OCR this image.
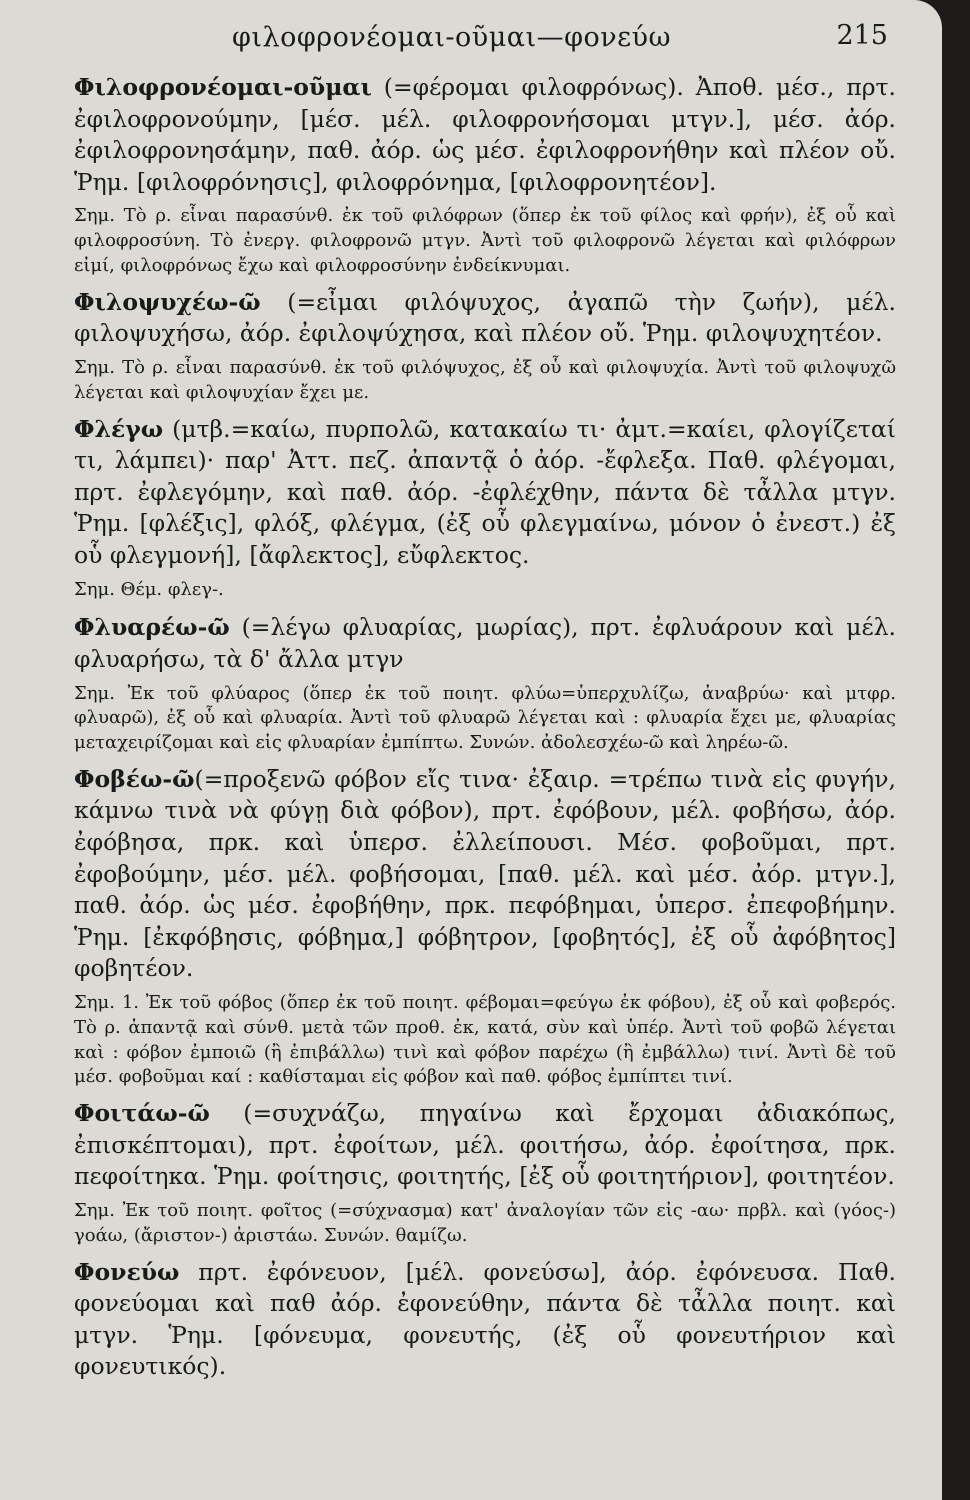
φιλοφρονέομαι-οῦμαι—φονεύω	215

Φιλοφρονέομαι-οῦμαι (=φέρομαι φιλοφρόνως). Ἀποθ. μέσ., πρτ. ἐφιλοφρονούμην, [μέσ. μέλ. φιλοφρονήσομαι μτγν.], μέσ. ἀόρ. ἐφιλοφρονησάμην, παθ. ἀόρ. ὡς μέσ. ἐφιλοφρονήθην καὶ πλέον οὔ. Ῥημ. [φιλοφρόνησις], φιλοφρόνημα, [φιλοφρονητέον].

Σημ. Τὸ ρ. εἶναι παρασύνθ. ἐκ τοῦ φιλόφρων (ὅπερ ἐκ τοῦ φίλος καὶ φρήν), ἐξ οὗ καὶ φιλοφροσύνη. Τὸ ἐνεργ. φιλοφρονῶ μτγν. Ἀντὶ τοῦ φιλοφρονῶ λέγεται καὶ φιλόφρων εἰμί, φιλοφρόνως ἔχω καὶ φιλοφροσύνην ἐνδείκνυμαι.

Φιλοψυχέω-ῶ (=εἶμαι φιλόψυχος, ἀγαπῶ τὴν ζωήν), μέλ. φιλοψυχήσω, ἀόρ. ἐφιλοψύχησα, καὶ πλέον οὔ. Ῥημ. φιλοψυχητέον.

Σημ. Τὸ ρ. εἶναι παρασύνθ. ἐκ τοῦ φιλόψυχος, ἐξ οὗ καὶ φιλοψυχία. Ἀντὶ τοῦ φιλοψυχῶ λέγεται καὶ φιλοψυχίαν ἔχει με.

Φλέγω (μτβ.=καίω, πυρπολῶ, κατακαίω τι· ἀμτ.=καίει, φλογίζεταί τι, λάμπει)· παρ' Ἀττ. πεζ. ἀπαντᾷ ὁ ἀόρ. -ἔφλεξα. Παθ. φλέγομαι, πρτ. ἐφλεγόμην, καὶ παθ. ἀόρ. -ἐφλέχθην, πάντα δὲ τἆλλα μτγν. Ῥημ. [φλέξις], φλόξ, φλέγμα, (ἐξ οὗ φλεγμαίνω, μόνον ὁ ἐνεστ.) ἐξ οὗ φλεγμονή], [ἄφλεκτος], εὔφλεκτος.

Σημ. Θέμ. φλεγ-.

Φλυαρέω-ῶ (=λέγω φλυαρίας, μωρίας), πρτ. ἐφλυάρουν καὶ μέλ. φλυαρήσω, τὰ δ' ἄλλα μτγν

Σημ. Ἐκ τοῦ φλύαρος (ὅπερ ἐκ τοῦ ποιητ. φλύω=ὑπερχυλίζω, ἀναβρύω· καὶ μτφρ. φλυαρῶ), ἐξ οὗ καὶ φλυαρία. Ἀντὶ τοῦ φλυαρῶ λέγεται καὶ : φλυαρία ἔχει με, φλυαρίας μεταχειρίζομαι καὶ εἰς φλυαρίαν ἐμπίπτω. Συνών. ἀδολεσχέω-ῶ καὶ ληρέω-ῶ.

Φοβέω-ῶ(=προξενῶ φόβον εἴς τινα· ἐξαιρ. =τρέπω τινὰ εἰς φυγήν, κάμνω τινὰ νὰ φύγῃ διὰ φόβον), πρτ. ἐφόβουν, μέλ. φοβήσω, ἀόρ. ἐφόβησα, πρκ. καὶ ὑπερσ. ἐλλείπουσι. Μέσ. φοβοῦμαι, πρτ. ἐφοβούμην, μέσ. μέλ. φοβήσομαι, [παθ. μέλ. καὶ μέσ. ἀόρ. μτγν.], παθ. ἀόρ. ὡς μέσ. ἐφοβήθην, πρκ. πεφόβημαι, ὑπερσ. ἐπεφοβήμην. Ῥημ. [ἐκφόβησις, φόβημα,] φόβητρον, [φοβητός], ἐξ οὗ ἀφόβητος] φοβητέον.

Σημ. 1. Ἐκ τοῦ φόβος (ὅπερ ἐκ τοῦ ποιητ. φέβομαι=φεύγω ἐκ φόβου), ἐξ οὗ καὶ φοβερός. Τὸ ρ. ἀπαντᾷ καὶ σύνθ. μετὰ τῶν προθ. ἐκ, κατά, σὺν καὶ ὑπέρ. Ἀντὶ τοῦ φοβῶ λέγεται καὶ : φόβον ἐμποιῶ (ἢ ἐπιβάλλω) τινὶ καὶ φόβον παρέχω (ἢ ἐμβάλλω) τινί. Ἀντὶ δὲ τοῦ μέσ. φοβοῦμαι καί : καθίσταμαι εἰς φόβον καὶ παθ. φόβος ἐμπίπτει τινί.

Φοιτάω-ῶ (=συχνάζω, πηγαίνω καὶ ἔρχομαι ἀδιακόπως, ἐπισκέπτομαι), πρτ. ἐφοίτων, μέλ. φοιτήσω, ἀόρ. ἐφοίτησα, πρκ. πεφοίτηκα. Ῥημ. φοίτησις, φοιτητής, [ἐξ οὗ φοιτητήριον], φοιτητέον.

Σημ. Ἐκ τοῦ ποιητ. φοῖτος (=σύχνασμα) κατ' ἀναλογίαν τῶν εἰς -αω· πρβλ. καὶ (γόος-) γοάω, (ἄριστον-) ἀριστάω. Συνών. θαμίζω.

Φονεύω πρτ. ἐφόνευον, [μέλ. φονεύσω], ἀόρ. ἐφόνευσα. Παθ. φονεύομαι καὶ παθ ἀόρ. ἐφονεύθην, πάντα δὲ τἆλλα ποιητ. καὶ μτγν. Ῥημ. [φόνευμα, φονευτής, (ἐξ οὗ φονευτήριον καὶ φονευτικός).
